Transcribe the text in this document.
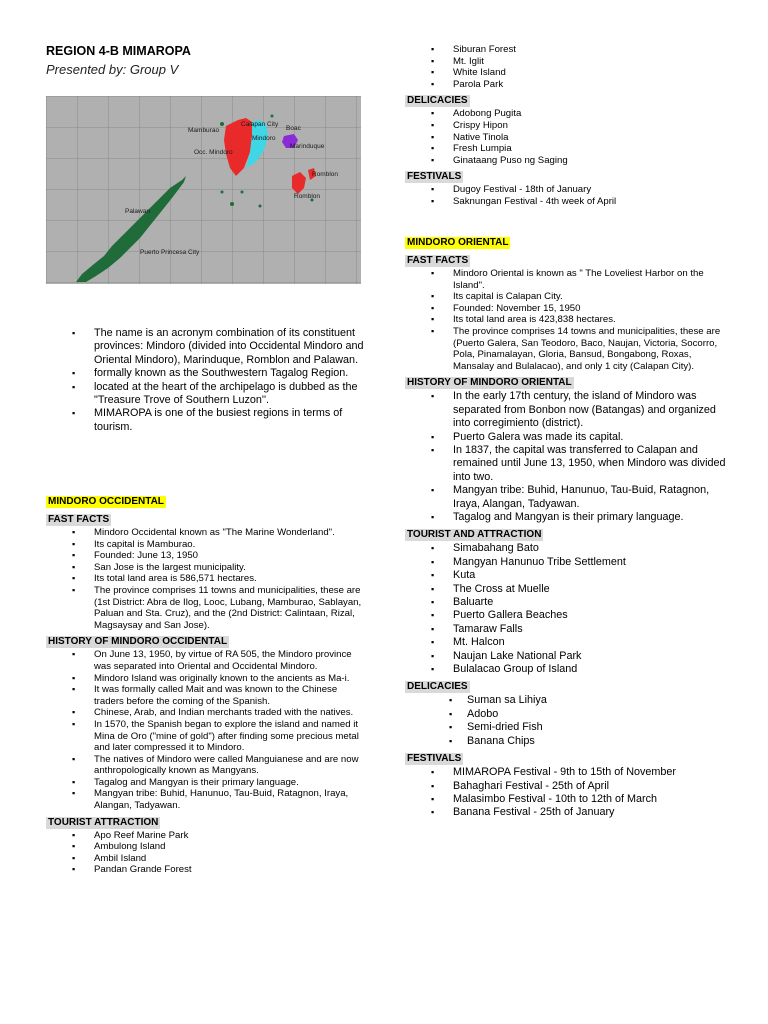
REGION 4-B MIMAROPA
Presented by: Group V
Mamburao
Calapan City
Boac
Mindoro
Occ. Mindoro
Marinduque
Romblon
Romblon
Palawan
Puerto Princesa City
▪ The name is an acronym combination of its constituent provinces: Mindoro (divided into Occidental Mindoro and Oriental Mindoro), Marinduque, Romblon and Palawan.
▪ formally known as the Southwestern Tagalog Region.
▪ located at the heart of the archipelago is dubbed as the "Treasure Trove of Southern Luzon''.
▪ MIMAROPA is one of the busiest regions in terms of tourism.
MINDORO OCCIDENTAL
FAST FACTS
▪ Mindoro Occidental known as "The Marine Wonderland".
▪ Its capital is Mamburao.
▪ Founded: June 13, 1950
▪ San Jose is the largest municipality.
▪ Its total land area is 586,571 hectares.
▪ The province comprises 11 towns and municipalities, these are (1st District: Abra de Ilog, Looc, Lubang, Mamburao, Sablayan, Paluan and Sta. Cruz), and the (2nd District: Calintaan, Rizal, Magsaysay and San Jose).
HISTORY OF MINDORO OCCIDENTAL
▪ On June 13, 1950, by virtue of RA 505, the Mindoro province was separated into Oriental and Occidental Mindoro.
▪ Mindoro Island was originally known to the ancients as Ma-i.
▪ It was formally called Mait and was known to the Chinese traders before the coming of the Spanish.
▪ Chinese, Arab, and Indian merchants traded with the natives.
▪ In 1570, the Spanish began to explore the island and named it Mina de Oro ("mine of gold") after finding some precious metal and later compressed it to Mindoro.
▪ The natives of Mindoro were called Manguianese and are now anthropologically known as Mangyans.
▪ Tagalog and Mangyan is their primary language.
▪ Mangyan tribe: Buhid, Hanunuo, Tau-Buid, Ratagnon, Iraya, Alangan, Tadyawan.
TOURIST ATTRACTION
▪ Apo Reef Marine Park
▪ Ambulong Island
▪ Ambil Island
▪ Pandan Grande Forest
▪ Siburan Forest
▪ Mt. Iglit
▪ White Island
▪ Parola Park
DELICACIES
▪ Adobong Pugita
▪ Crispy Hipon
▪ Native Tinola
▪ Fresh Lumpia
▪ Ginataang Puso ng Saging
FESTIVALS
▪ Dugoy Festival - 18th of January
▪ Saknungan Festival - 4th week of April
MINDORO ORIENTAL
FAST FACTS
▪ Mindoro Oriental is known as " The Loveliest Harbor on the Island".
▪ Its capital is Calapan City.
▪ Founded: November 15, 1950
▪ Its total land area is 423,838 hectares.
▪ The province comprises 14 towns and municipalities, these are (Puerto Galera, San Teodoro, Baco, Naujan, Victoria, Socorro, Pola, Pinamalayan, Gloria, Bansud, Bongabong, Roxas, Mansalay and Bulalacao), and only 1 city (Calapan City).
HISTORY OF MINDORO ORIENTAL
▪ In the early 17th century, the island of Mindoro was separated from Bonbon now (Batangas) and organized into corregimiento (district).
▪ Puerto Galera was made its capital.
▪ In 1837, the capital was transferred to Calapan and remained until June 13, 1950, when Mindoro was divided into two.
▪ Mangyan tribe: Buhid, Hanunuo, Tau-Buid, Ratagnon, Iraya, Alangan, Tadyawan.
▪ Tagalog and Mangyan is their primary language.
TOURIST AND ATTRACTION
▪ Simabahang Bato
▪ Mangyan Hanunuo Tribe Settlement
▪ Kuta
▪ The Cross at Muelle
▪ Baluarte
▪ Puerto Gallera Beaches
▪ Tamaraw Falls
▪ Mt. Halcon
▪ Naujan Lake National Park
▪ Bulalacao Group of Island
DELICACIES
▪ Suman sa Lihiya
▪ Adobo
▪ Semi-dried Fish
▪ Banana Chips
FESTIVALS
▪ MIMAROPA Festival - 9th to 15th of November
▪ Bahaghari Festival - 25th of April
▪ Malasimbo Festival - 10th to 12th of March
▪ Banana Festival - 25th of January
